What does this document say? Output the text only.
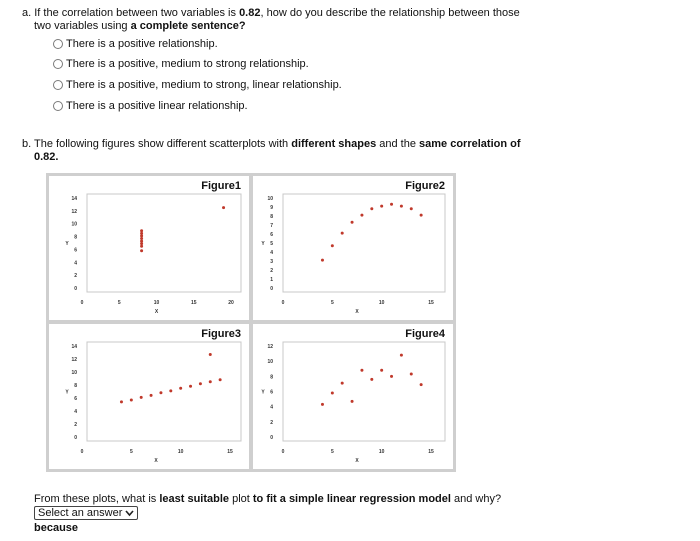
a. If the correlation between two variables is 0.82, how do you describe the relationship between those
two variables using a complete sentence?
There is a positive relationship.
There is a positive, medium to strong relationship.
There is a positive, medium to strong, linear relationship.
There is a positive linear relationship.
b. The following figures show different scatterplots with different shapes and the same correlation of
0.82.
Figure1
0
2
4
6
8
10
12
14
0	5	10	15	20
X
Y
Figure2
0
1
2
3
4
5
6
7
8
9
10
0	5	10	15
X
Y
Figure3
0
2
4
6
8
10
12
14
0	5	10	15
X
Y
Figure4
0
2
4
6
8
10
12
0	5	10	15
X
Y
From these plots, what is least suitable plot to fit a simple linear regression model and why?
Select an answer
because
